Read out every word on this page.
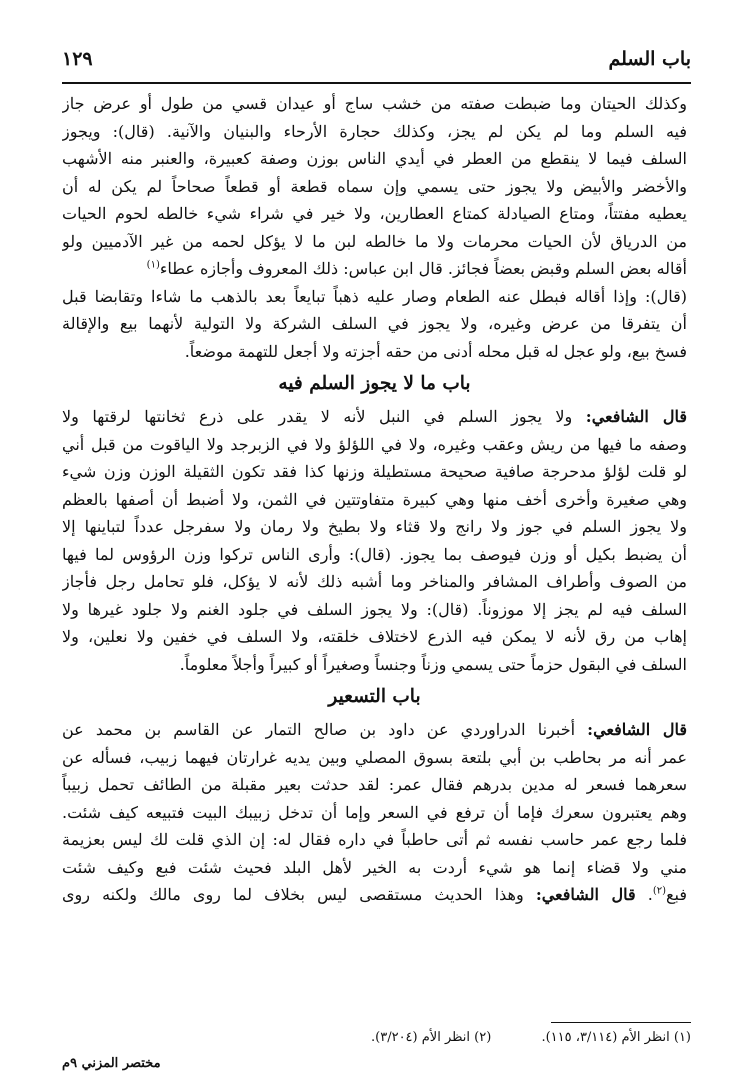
باب السلم
١٢٩
وكذلك الحيتان وما ضبطت صفته من خشب ساج أو عيدان قسي من طول أو عرض جاز
فيه السلم وما لم يكن لم يجز، وكذلك حجارة الأرحاء والبنيان والآنية. (قال): ويجوز
السلف فيما لا ينقطع من العطر في أيدي الناس بوزن وصفة كعبيرة، والعنبر منه الأشهب
والأخضر والأبيض ولا يجوز حتى يسمي وإن سماه قطعة أو قطعاً صحاحاً لم يكن له أن
يعطيه مفتتاً، ومتاع الصيادلة كمتاع العطارين، ولا خير في شراء شيء خالطه لحوم الحيات
من الدرياق لأن الحيات محرمات ولا ما خالطه لبن ما لا يؤكل لحمه من غير الآدميين ولو
أقاله بعض السلم وقبض بعضاً فجائز. قال ابن عباس: ذلك المعروف وأجازه عطاء$^{(١)}$
(قال): وإذا أقاله فبطل عنه الطعام وصار عليه ذهباً تبايعاً بعد بالذهب ما شاءا وتقابضا قبل
أن يتفرقا من عرض وغيره، ولا يجوز في السلف الشركة ولا التولية لأنهما بيع والإقالة
فسخ بيع، ولو عجل له قبل محله أدنى من حقه أجزته ولا أجعل للتهمة موضعاً.
باب ما لا يجوز السلم فيه
قال الشافعي: ولا يجوز السلم في النبل لأنه لا يقدر على ذرع ثخانتها لرقتها ولا
وصفه ما فيها من ريش وعقب وغيره، ولا في اللؤلؤ ولا في الزبرجد ولا الياقوت من قبل أني
لو قلت لؤلؤ مدحرجة صافية صحيحة مستطيلة وزنها كذا فقد تكون الثقيلة الوزن وزن شيء
وهي صغيرة وأخرى أخف منها وهي كبيرة متفاوتتين في الثمن، ولا أضبط أن أصفها بالعظم
ولا يجوز السلم في جوز ولا رانج ولا قثاء ولا بطيخ ولا رمان ولا سفرجل عدداً لتباينها إلا
أن يضبط بكيل أو وزن فيوصف بما يجوز. (قال): وأرى الناس تركوا وزن الرؤوس لما فيها
من الصوف وأطراف المشافر والمناخر وما أشبه ذلك لأنه لا يؤكل، فلو تحامل رجل فأجاز
السلف فيه لم يجز إلا موزوناً. (قال): ولا يجوز السلف في جلود الغنم ولا جلود غيرها ولا
إهاب من رق لأنه لا يمكن فيه الذرع لاختلاف خلقته، ولا السلف في خفين ولا نعلين، ولا
السلف في البقول حزماً حتى يسمي وزناً وجنساً وصغيراً أو كبيراً وأجلاً معلوماً.
باب التسعير
قال الشافعي: أخبرنا الدراوردي عن داود بن صالح التمار عن القاسم بن محمد عن
عمر أنه مر بحاطب بن أبي بلتعة بسوق المصلي وبين يديه غرارتان فيهما زبيب، فسأله عن
سعرهما فسعر له مدين بدرهم فقال عمر: لقد حدثت بعير مقبلة من الطائف تحمل زبيباً
وهم يعتبرون سعرك فإما أن ترفع في السعر وإما أن تدخل زبيبك البيت فتبيعه كيف شئت.
فلما رجع عمر حاسب نفسه ثم أتى حاطباً في داره فقال له: إن الذي قلت لك ليس بعزيمة
مني ولا قضاء إنما هو شيء أردت به الخير لأهل البلد فحيث شئت فبع وكيف شئت
فبع$^{(٢)}$. قال الشافعي: وهذا الحديث مستقصى ليس بخلاف لما روى مالك ولكنه روى
(١) انظر الأم (٣/١١٤، ١١٥). (٢) انظر الأم (٣/٢٠٤).
مختصر المزني ٩م
